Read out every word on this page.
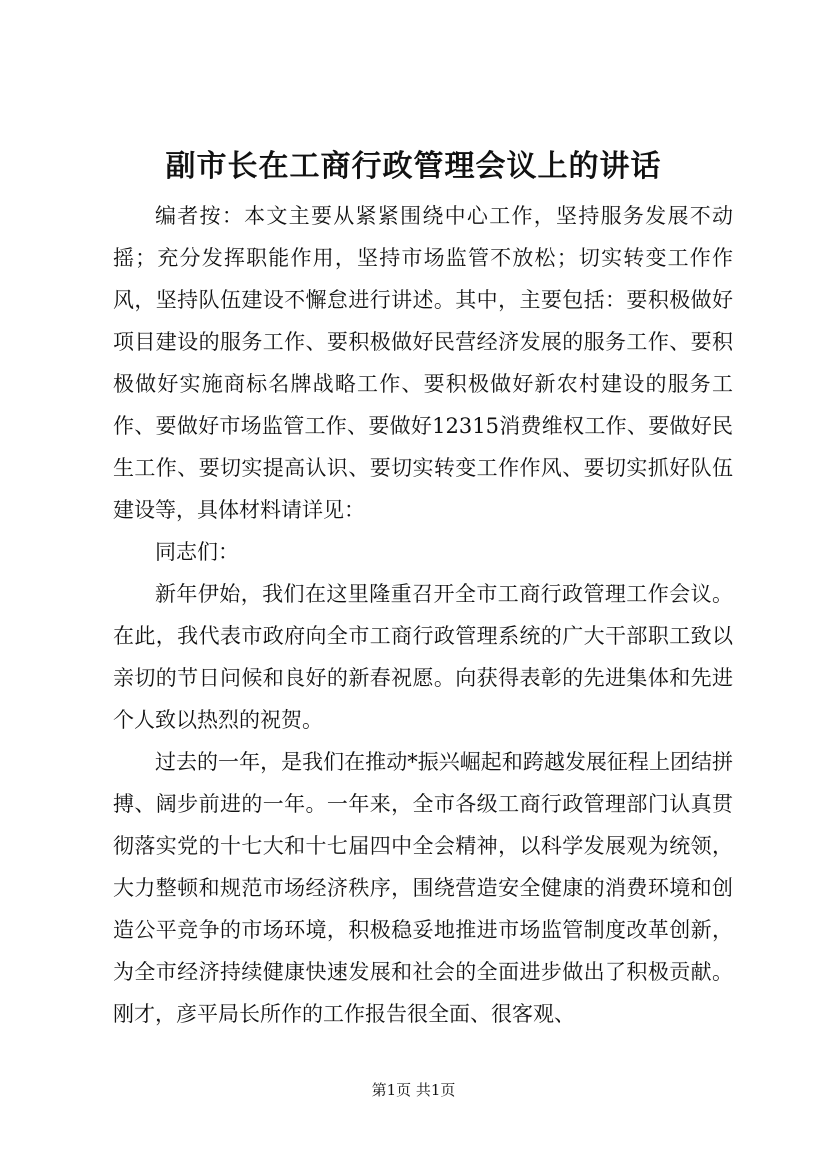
副市长在工商行政管理会议上的讲话

编者按：本文主要从紧紧围绕中心工作，坚持服务发展不动摇；充分发挥职能作用，坚持市场监管不放松；切实转变工作作风，坚持队伍建设不懈怠进行讲述。其中，主要包括：要积极做好项目建设的服务工作、要积极做好民营经济发展的服务工作、要积极做好实施商标名牌战略工作、要积极做好新农村建设的服务工作、要做好市场监管工作、要做好12315消费维权工作、要做好民生工作、要切实提高认识、要切实转变工作作风、要切实抓好队伍建设等，具体材料请详见：

同志们：

新年伊始，我们在这里隆重召开全市工商行政管理工作会议。在此，我代表市政府向全市工商行政管理系统的广大干部职工致以亲切的节日问候和良好的新春祝愿。向获得表彰的先进集体和先进个人致以热烈的祝贺。

过去的一年，是我们在推动*振兴崛起和跨越发展征程上团结拼搏、阔步前进的一年。一年来，全市各级工商行政管理部门认真贯彻落实党的十七大和十七届四中全会精神，以科学发展观为统领，大力整顿和规范市场经济秩序，围绕营造安全健康的消费环境和创造公平竞争的市场环境，积极稳妥地推进市场监管制度改革创新，为全市经济持续健康快速发展和社会的全面进步做出了积极贡献。刚才，彦平局长所作的工作报告很全面、很客观、

第1页 共1页
